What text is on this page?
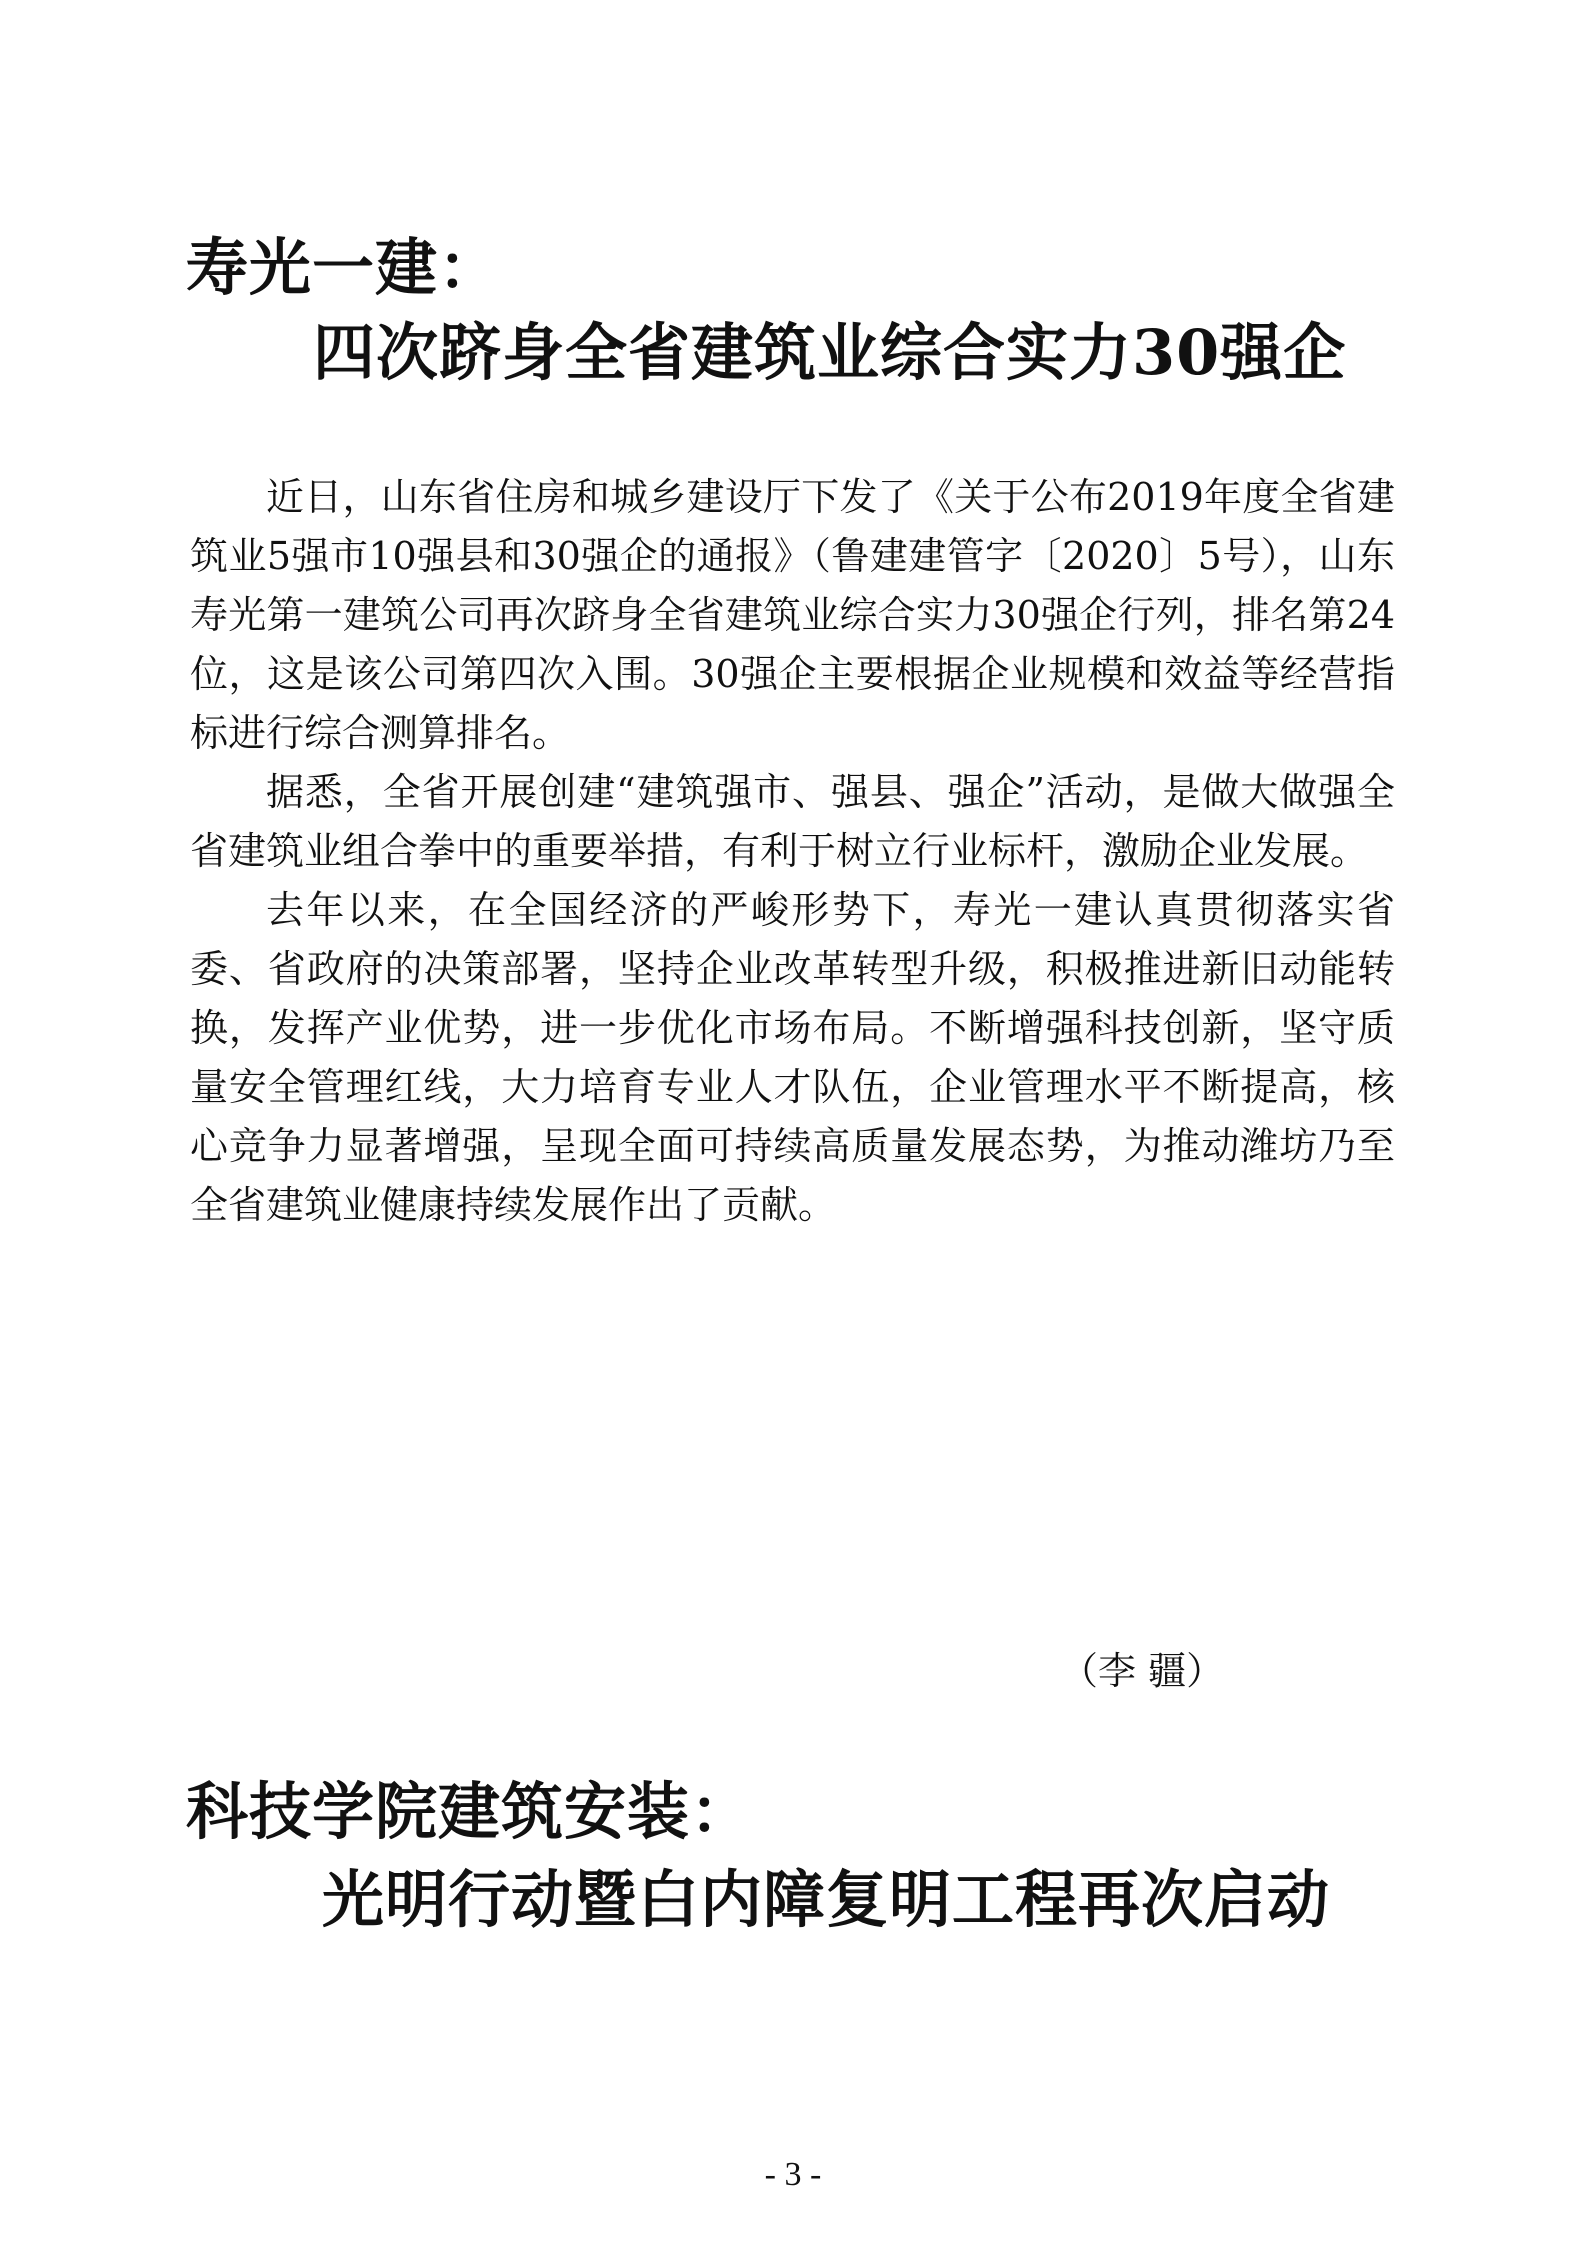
寿光一建：
四次跻身全省建筑业综合实力30强企

近日，山东省住房和城乡建设厅下发了《关于公布2019年度全省建筑业5强市10强县和30强企的通报》（鲁建建管字〔2020〕5号），山东寿光第一建筑公司再次跻身全省建筑业综合实力30强企行列，排名第24位，这是该公司第四次入围。30强企主要根据企业规模和效益等经营指标进行综合测算排名。

据悉，全省开展创建“建筑强市、强县、强企”活动，是做大做强全省建筑业组合拳中的重要举措，有利于树立行业标杆，激励企业发展。

去年以来，在全国经济的严峻形势下，寿光一建认真贯彻落实省委、省政府的决策部署，坚持企业改革转型升级，积极推进新旧动能转换，发挥产业优势，进一步优化市场布局。不断增强科技创新，坚守质量安全管理红线，大力培育专业人才队伍，企业管理水平不断提高，核心竞争力显著增强，呈现全面可持续高质量发展态势，为推动潍坊乃至全省建筑业健康持续发展作出了贡献。

（李 疆）
科技学院建筑安装：
光明行动暨白内障复明工程再次启动
- 3 -
